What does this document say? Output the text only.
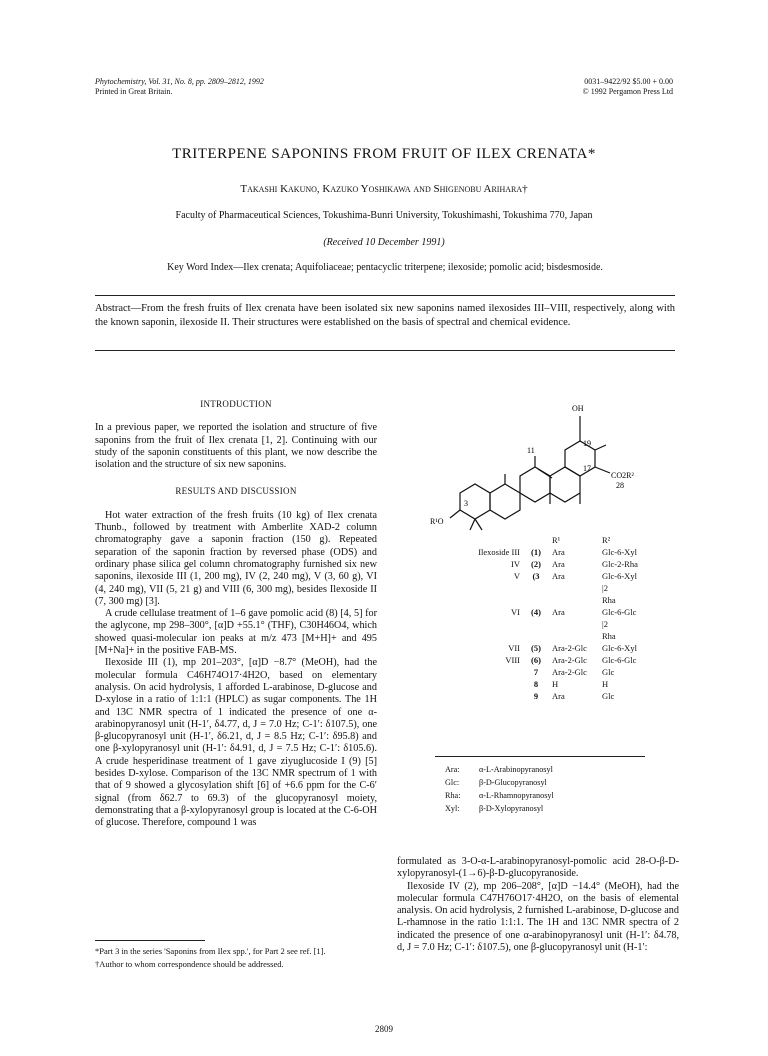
Phytochemistry, Vol. 31, No. 8, pp. 2809–2812, 1992
Printed in Great Britain.
0031–9422/92 $5.00 + 0.00
© 1992 Pergamon Press Ltd
TRITERPENE SAPONINS FROM FRUIT OF ILEX CRENATA*
Takashi Kakuno, Kazuko Yoshikawa and Shigenobu Arihara†
Faculty of Pharmaceutical Sciences, Tokushima-Bunri University, Tokushimashi, Tokushima 770, Japan
(Received 10 December 1991)
Key Word Index—Ilex crenata; Aquifoliaceae; pentacyclic triterpene; ilexoside; pomolic acid; bisdesmoside.
Abstract—From the fresh fruits of Ilex crenata have been isolated six new saponins named ilexosides III–VIII, respectively, along with the known saponin, ilexoside II. Their structures were established on the basis of spectral and chemical evidence.
INTRODUCTION

In a previous paper, we reported the isolation and structure of five saponins from the fruit of Ilex crenata [1, 2]. Continuing with our study of the saponin constituents of this plant, we now describe the isolation and the structure of six new saponins.

RESULTS AND DISCUSSION

Hot water extraction of the fresh fruits (10 kg) of Ilex crenata Thunb., followed by treatment with Amberlite XAD-2 column chromatography gave a saponin fraction (150 g). Repeated separation of the saponin fraction by reversed phase (ODS) and ordinary phase silica gel column chromatography furnished six new saponins, ilexoside III (1, 200 mg), IV (2, 240 mg), V (3, 60 g), VI (4, 240 mg), VII (5, 21 g) and VIII (6, 300 mg), besides Ilexoside II (7, 300 mg) [3].

A crude cellulase treatment of 1–6 gave pomolic acid (8) [4, 5] for the aglycone, mp 298–300°, [α]D +55.1° (THF), C30H46O4, which showed quasi-molecular ion peaks at m/z 473 [M+H]+ and 495 [M+Na]+ in the positive FAB-MS.

Ilexoside III (1), mp 201–203°, [α]D −8.7° (MeOH), had the molecular formula C46H74O17·4H2O, based on elementary analysis. On acid hydrolysis, 1 afforded L-arabinose, D-glucose and D-xylose in a ratio of 1:1:1 (HPLC) as sugar components. The 1H and 13C NMR spectra of 1 indicated the presence of one α-arabinopyranosyl unit (H-1′, δ4.77, d, J = 7.0 Hz; C-1′: δ107.5), one β-glucopyranosyl unit (H-1′, δ6.21, d, J = 8.5 Hz; C-1′: δ95.8) and one β-xylopyranosyl unit (H-1′: δ4.91, d, J = 7.5 Hz; C-1′: δ105.6). A crude hesperidinase treatment of 1 gave ziyuglucoside I (9) [5] besides D-xylose. Comparison of the 13C NMR spectrum of 1 with that of 9 showed a glycosylation shift [6] of +6.6 ppm for the C-6′ signal (from δ62.7 to 69.3) of the glucopyranosyl moiety, demonstrating that a β-xylopyranosyl group is located at the C-6-OH of glucose. Therefore, compound 1 was

OH
19
11
17
CO2R²
28
3
R¹O
		R¹	R²
Ilexoside III	(1)	Ara	Glc-6-Xyl
IV	(2)	Ara	Glc-2-Rha
V	(3	Ara	Glc-6-Xyl
			|2
			Rha
VI	(4)	Ara	Glc-6-Glc
			|2
			Rha
VII	(5)	Ara-2-Glc	Glc-6-Xyl
VIII	(6)	Ara-2-Glc	Glc-6-Glc
	7	Ara-2-Glc	Glc
	8	H	H
	9	Ara	Glc
Ara: α-L-Arabinopyranosyl
Glc: β-D-Glucopyranosyl
Rha: α-L-Rhamnopyranosyl
Xyl: β-D-Xylopyranosyl

formulated as 3-O-α-L-arabinopyranosyl-pomolic acid 28-O-β-D-xylopyranosyl-(1→6)-β-D-glucopyranoside.

Ilexoside IV (2), mp 206–208°, [α]D −14.4° (MeOH), had the molecular formula C47H76O17·4H2O, on the basis of elemental analysis. On acid hydrolysis, 2 furnished L-arabinose, D-glucose and L-rhamnose in the ratio 1:1:1. The 1H and 13C NMR spectra of 2 indicated the presence of one α-arabinopyranosyl unit (H-1′: δ4.78, d, J = 7.0 Hz; C-1′: δ107.5), one β-glucopyranosyl unit (H-1′:

*Part 3 in the series 'Saponins from Ilex spp.', for Part 2 see ref. [1].
†Author to whom correspondence should be addressed.
2809
